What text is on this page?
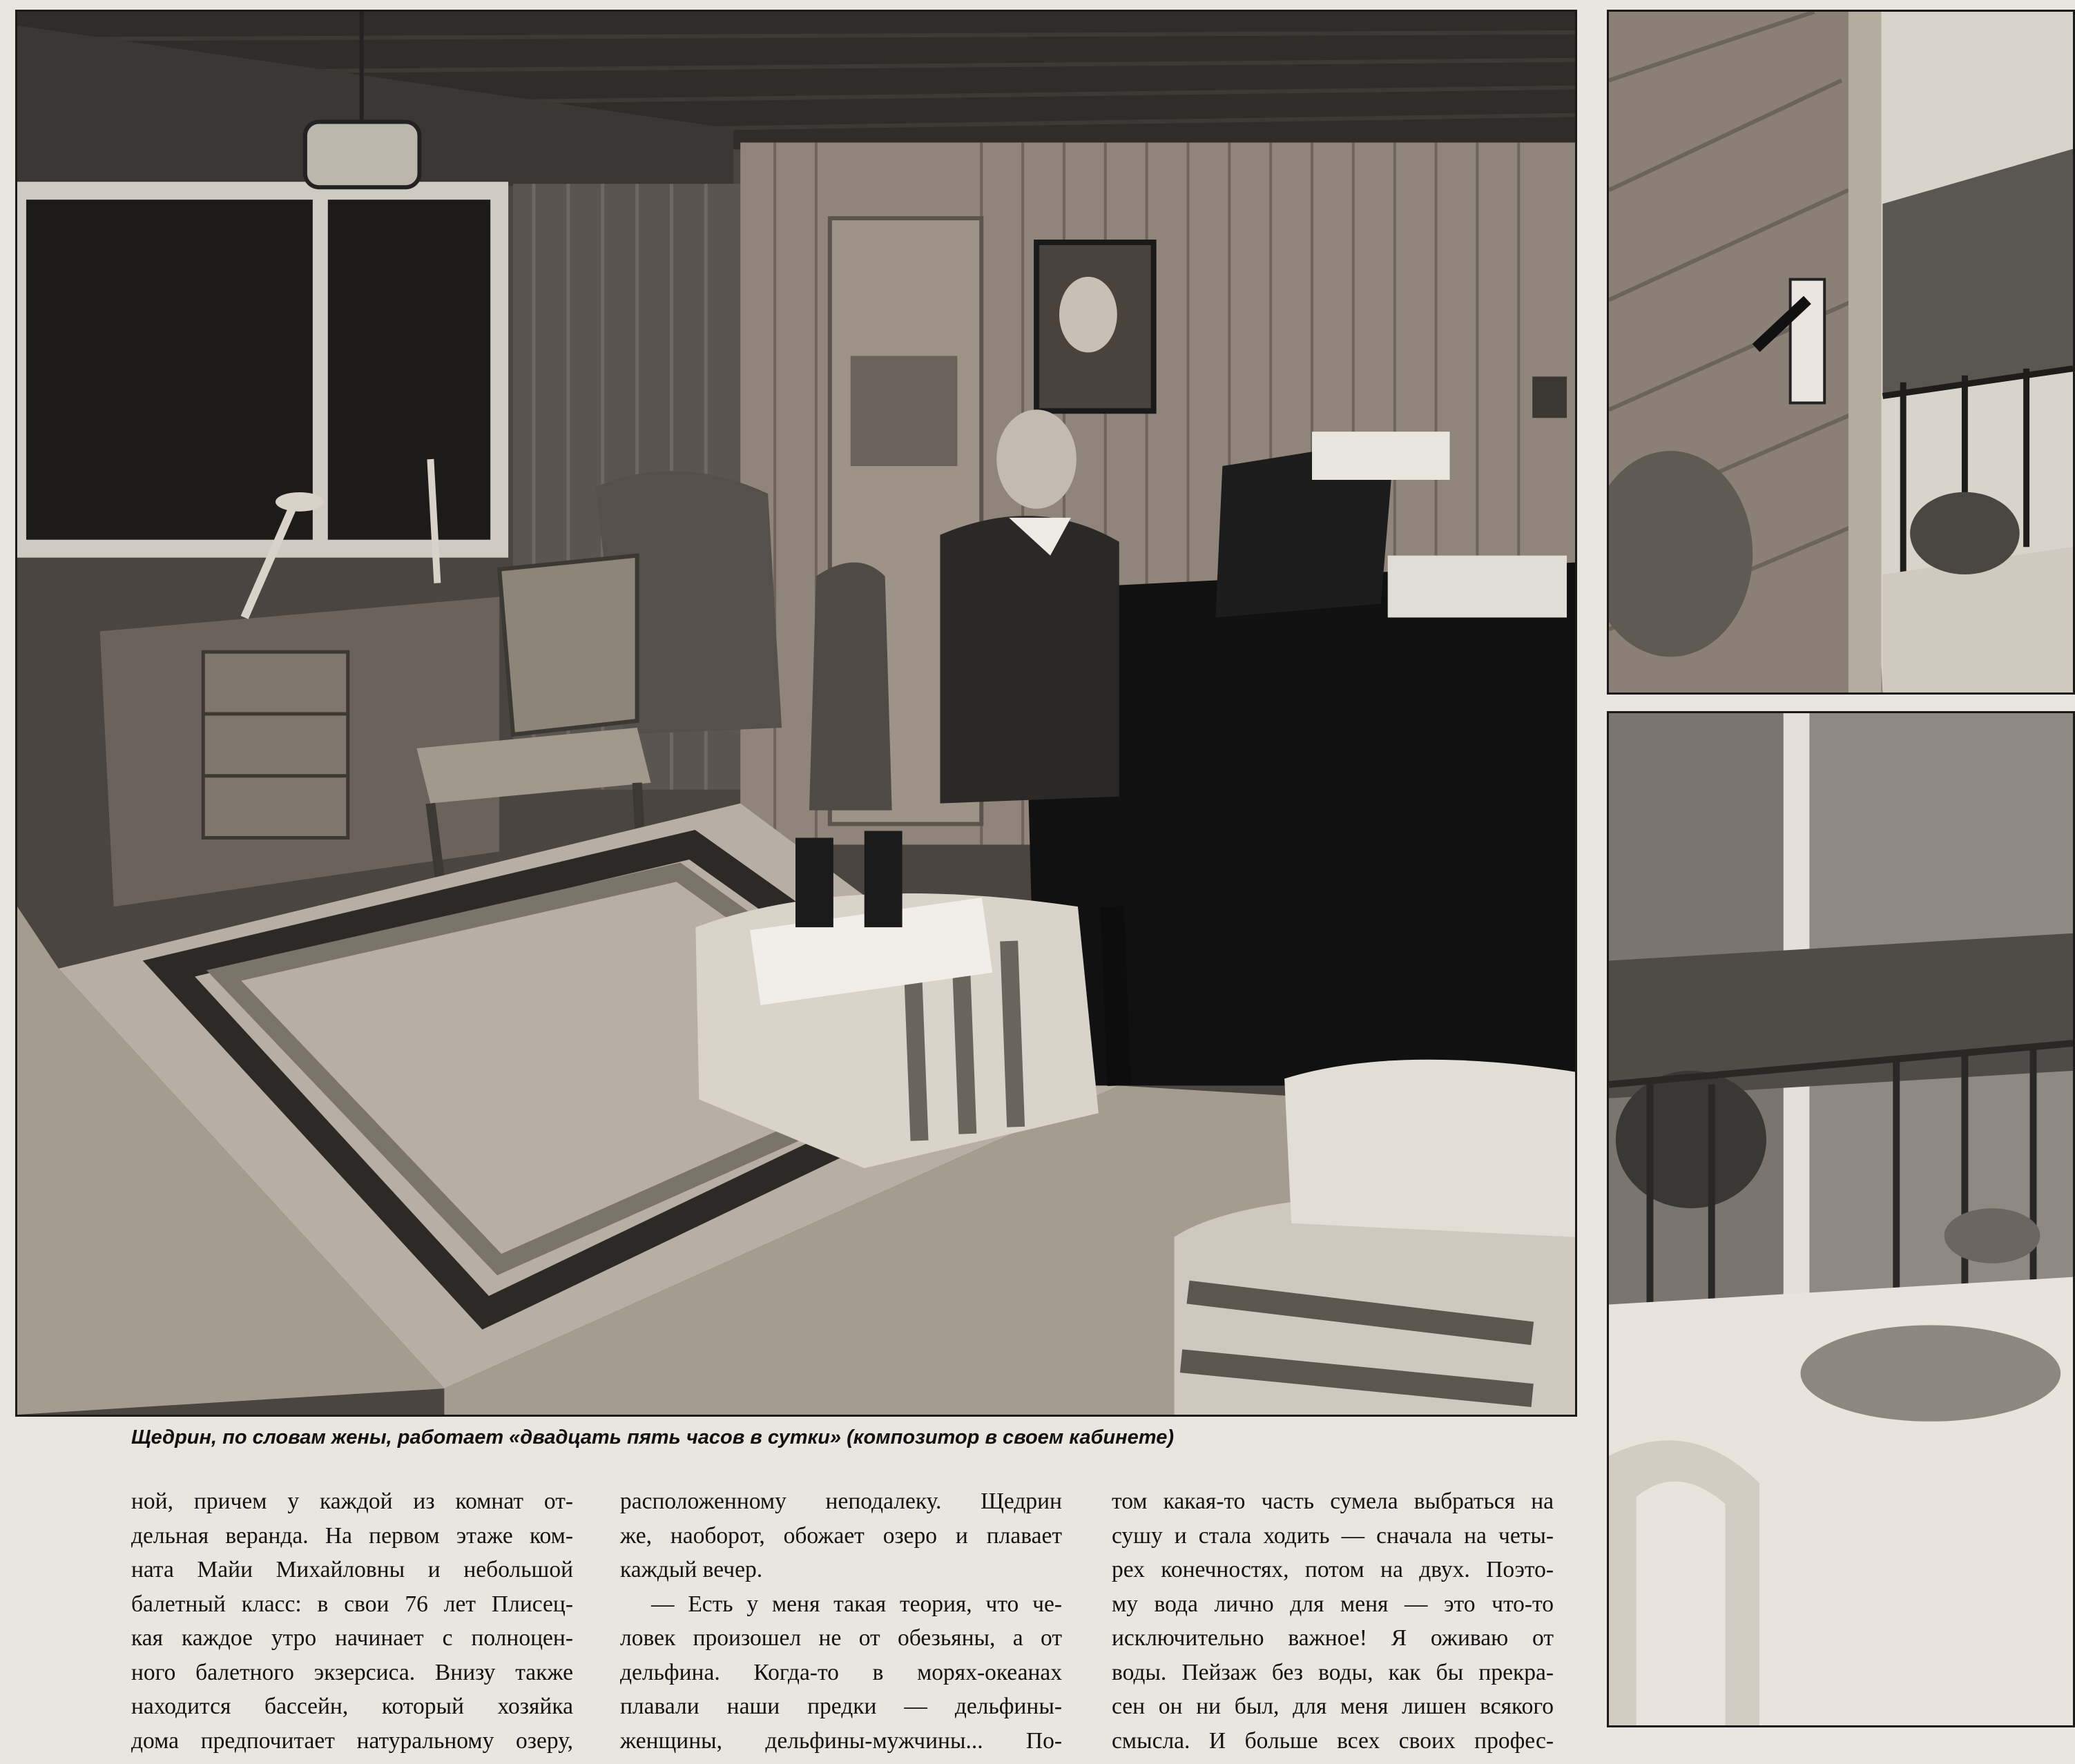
Щедрин, по словам жены, работает «двадцать пять часов в сутки» (композитор в своем кабинете)
ной, причем у каждой из комнат от-
дельная веранда. На первом этаже ком-
ната Майи Михайловны и небольшой
балетный класс: в свои 76 лет Плисец-
кая каждое утро начинает с полноцен-
ного балетного экзерсиса. Внизу также
находится бассейн, который хозяйка
дома предпочитает натуральному озеру,
расположенному неподалеку. Щедрин
же, наоборот, обожает озеро и плавает
каждый вечер.
— Есть у меня такая теория, что че-
ловек произошел не от обезьяны, а от
дельфина. Когда-то в морях-океанах
плавали наши предки — дельфины-
женщины, дельфины-мужчины... По-
том какая-то часть сумела выбраться на
сушу и стала ходить — сначала на четы-
рех конечностях, потом на двух. Поэто-
му вода лично для меня — это что-то
исключительно важное! Я оживаю от
воды. Пейзаж без воды, как бы прекра-
сен он ни был, для меня лишен всякого
смысла. И больше всех своих профес-
